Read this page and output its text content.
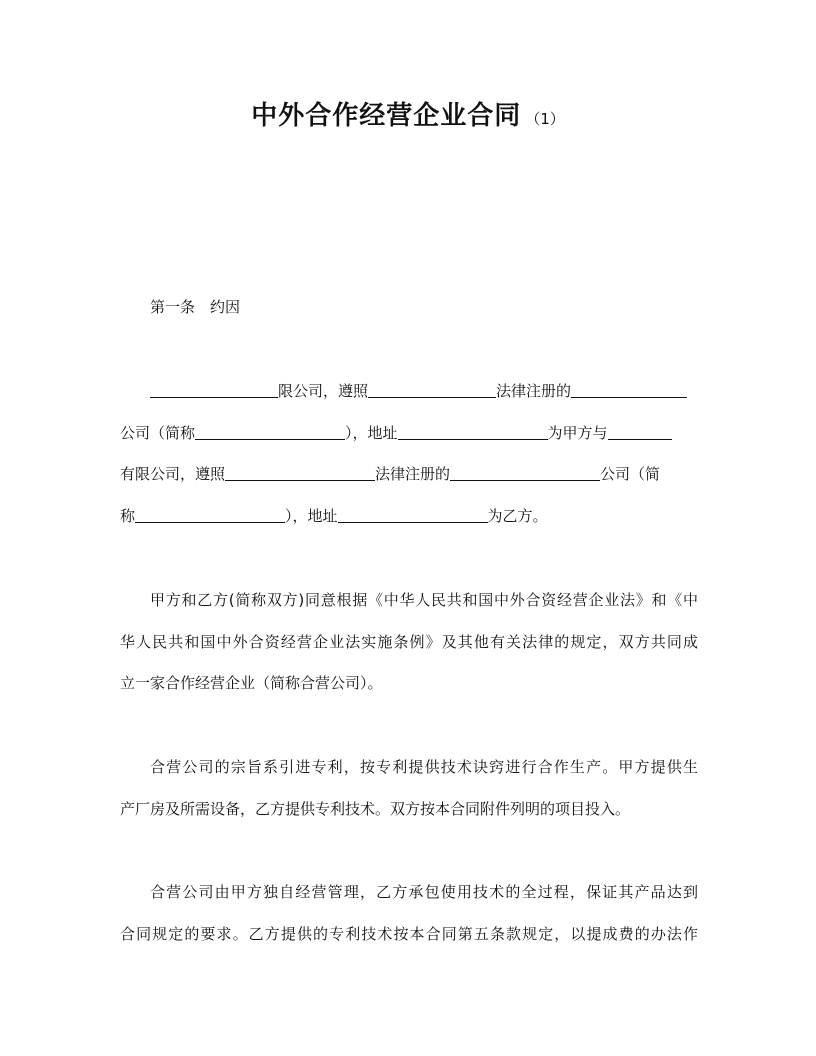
中外合作经营企业合同 （1）
第一条　约因
限公司，遵照	法律注册的
公司（简称	），地址	为甲方与
有限公司，遵照	法律注册的	公司（简
称	），地址	为乙方。
甲方和乙方(简称双方)同意根据《中华人民共和国中外合资经营企业法》和《中
华人民共和国中外合资经营企业法实施条例》及其他有关法律的规定，双方共同成
立一家合作经营企业（简称合营公司）。
合营公司的宗旨系引进专利，按专利提供技术诀窍进行合作生产。甲方提供生
产厂房及所需设备，乙方提供专利技术。双方按本合同附件列明的项目投入。
合营公司由甲方独自经营管理，乙方承包使用技术的全过程，保证其产品达到
合同规定的要求。乙方提供的专利技术按本合同第五条款规定，以提成费的办法作
